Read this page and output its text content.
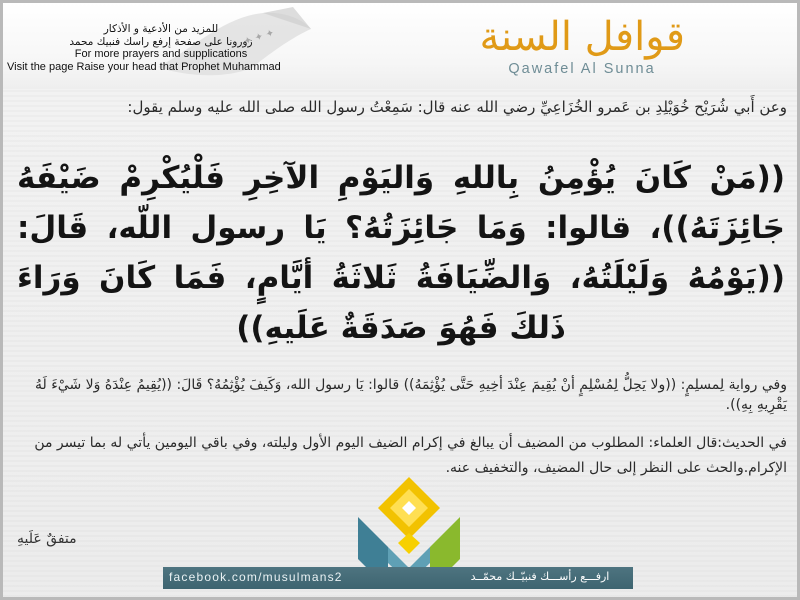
✦ ✦ ✦
للمزيد من الأدعية و الأذكار
زورونا على صفحة إرفع راسك فنبيك محمد
For more prayers and supplications
Visit the page Raise your head that Prophet Muhammad
قوافل السنة
Qawafel Al Sunna
وعن أَبي شُرَيْح خُوَيْلِدِ بن عَمرو الخُزَاعِيِّ رضي الله عنه قال: سَمِعْتُ رسول الله صلى الله عليه وسلم يقول:
((مَنْ كَانَ يُؤْمِنُ بِاللهِ وَاليَوْمِ الآخِرِ فَلْيُكْرِمْ ضَيْفَهُ جَائِزَتَهُ))، قالوا: وَمَا جَائِزَتُهُ؟ يَا رسول اللّه، قَالَ: ((يَوْمُهُ وَلَيْلَتُهُ، وَالضِّيَافَةُ ثَلاثَةُ أيَّامٍ، فَمَا كَانَ وَرَاءَ ذَلكَ فَهُوَ صَدَقَةٌ عَلَيهِ))
وفي رواية لِمسلِمٍ: ((ولا يَحِلُّ لِمُسْلِمٍ أنْ يُقِيمَ عِنْدَ أخِيهِ حَتَّى يُؤْثِمَهُ)) قالوا: يَا رسول الله، وَكَيفَ يُؤْثِمُهُ؟ قَالَ: ((يُقِيمُ عِنْدَهُ وَلا شَيْءَ لَهُ يَقْرِيهِ بِهِ)).
في الحديث:قال العلماء: المطلوب من المضيف أن يبالغ في إكرام الضيف اليوم الأول وليلته، وفي باقي اليومين يأتي له بما تيسر من الإكرام.والحث على النظر إلى حال المضيف، والتخفيف عنه.
متفقٌ عَلَيهِ
facebook.com/musulmans2	ارفـــع رأســـك فنبيّــك محمّــد
